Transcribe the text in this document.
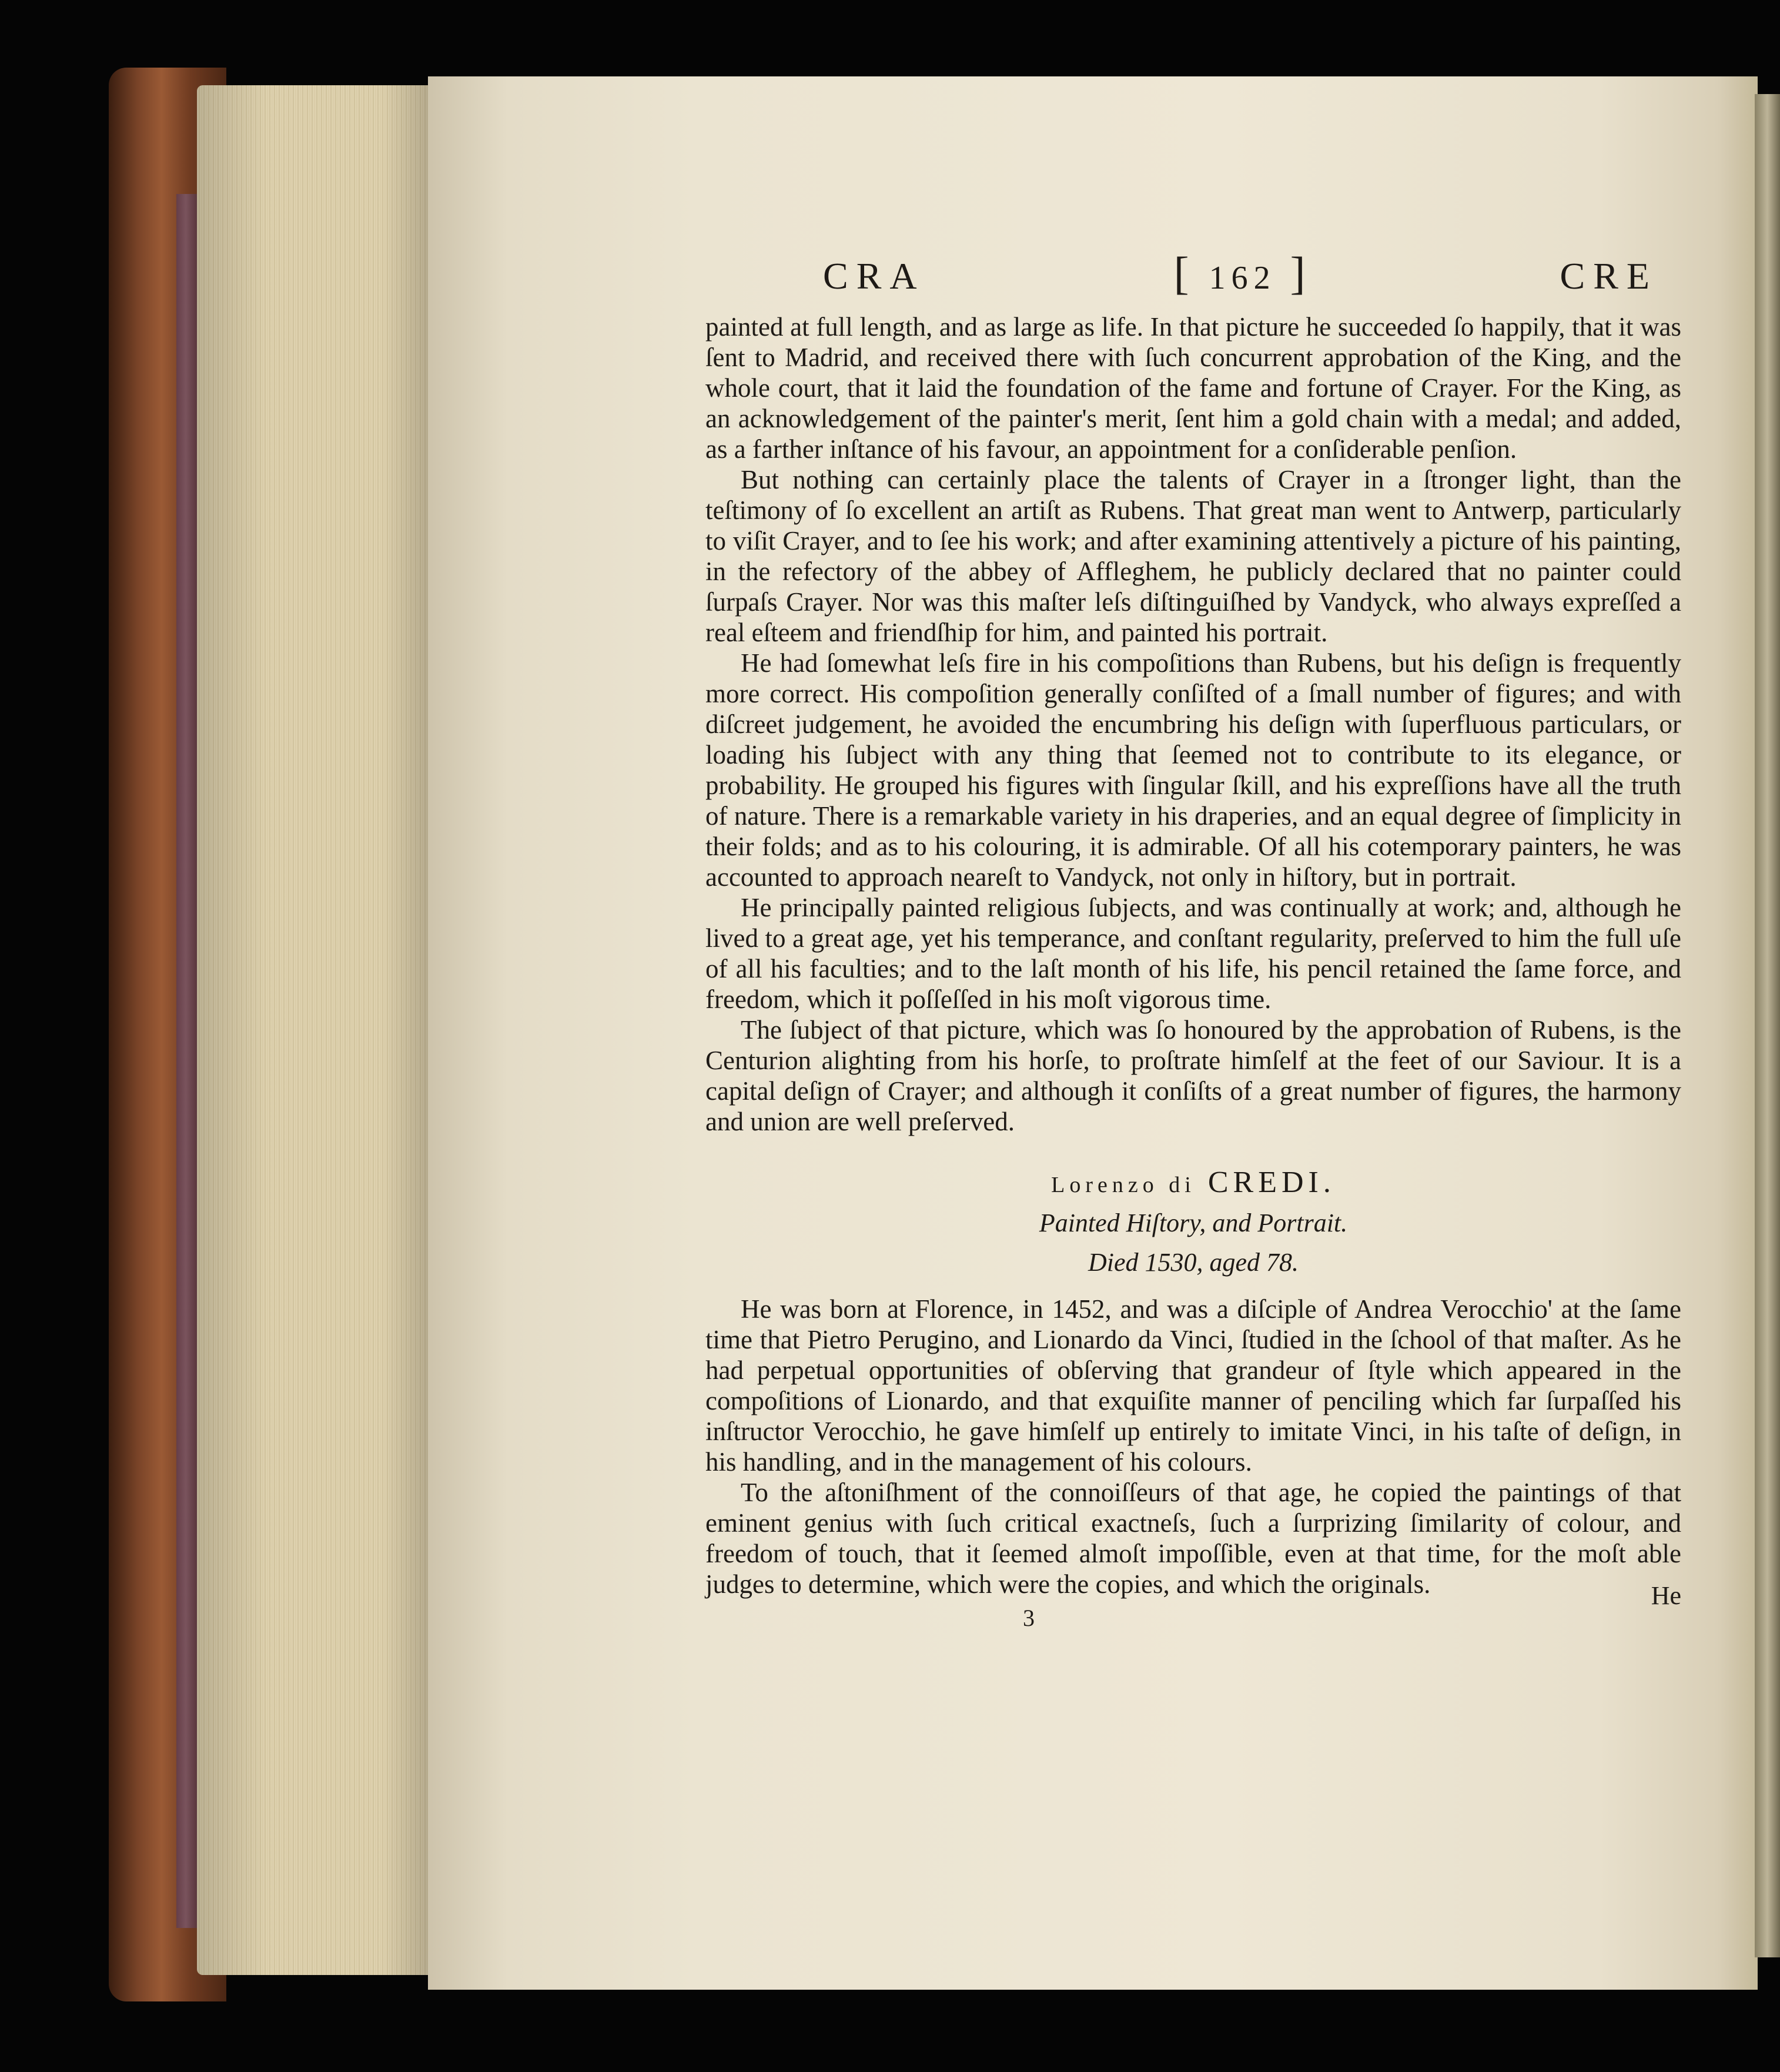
CRA	[ 162 ]	CRE

painted at full length, and as large as life. In that picture he succeeded ſo happily, that it was ſent to Madrid, and received there with ſuch concurrent approbation of the King, and the whole court, that it laid the foundation of the fame and fortune of Crayer. For the King, as an acknowledgement of the painter's merit, ſent him a gold chain with a medal; and added, as a farther inſtance of his favour, an appointment for a conſiderable penſion.

But nothing can certainly place the talents of Crayer in a ſtronger light, than the teſtimony of ſo excellent an artiſt as Rubens. That great man went to Antwerp, particularly to viſit Crayer, and to ſee his work; and after examining attentively a picture of his painting, in the refectory of the abbey of Affleghem, he publicly declared that no painter could ſurpaſs Crayer. Nor was this maſter leſs diſtinguiſhed by Vandyck, who always expreſſed a real eſteem and friendſhip for him, and painted his portrait.

He had ſomewhat leſs fire in his compoſitions than Rubens, but his deſign is frequently more correct. His compoſition generally conſiſted of a ſmall number of figures; and with diſcreet judgement, he avoided the encumbring his deſign with ſuperfluous particulars, or loading his ſubject with any thing that ſeemed not to contribute to its elegance, or probability. He grouped his figures with ſingular ſkill, and his expreſſions have all the truth of nature. There is a remarkable variety in his draperies, and an equal degree of ſimplicity in their folds; and as to his colouring, it is admirable. Of all his cotemporary painters, he was accounted to approach neareſt to Vandyck, not only in hiſtory, but in portrait.

He principally painted religious ſubjects, and was continually at work; and, although he lived to a great age, yet his temperance, and conſtant regularity, preſerved to him the full uſe of all his faculties; and to the laſt month of his life, his pencil retained the ſame force, and freedom, which it poſſeſſed in his moſt vigorous time.

The ſubject of that picture, which was ſo honoured by the approbation of Rubens, is the Centurion alighting from his horſe, to proſtrate himſelf at the feet of our Saviour. It is a capital deſign of Crayer; and although it conſiſts of a great number of figures, the harmony and union are well preſerved.

Lorenzo di CREDI.
Painted Hiſtory, and Portrait.
Died 1530, aged 78.

He was born at Florence, in 1452, and was a diſciple of Andrea Verocchio' at the ſame time that Pietro Perugino, and Lionardo da Vinci, ſtudied in the ſchool of that maſter. As he had perpetual opportunities of obſerving that grandeur of ſtyle which appeared in the compoſitions of Lionardo, and that exquiſite manner of penciling which far ſurpaſſed his inſtructor Verocchio, he gave himſelf up entirely to imitate Vinci, in his taſte of deſign, in his handling, and in the management of his colours.

To the aſtoniſhment of the connoiſſeurs of that age, he copied the paintings of that eminent genius with ſuch critical exactneſs, ſuch a ſurprizing ſimilarity of colour, and freedom of touch, that it ſeemed almoſt impoſſible, even at that time, for the moſt able judges to determine, which were the copies, and which the originals.

3
He
